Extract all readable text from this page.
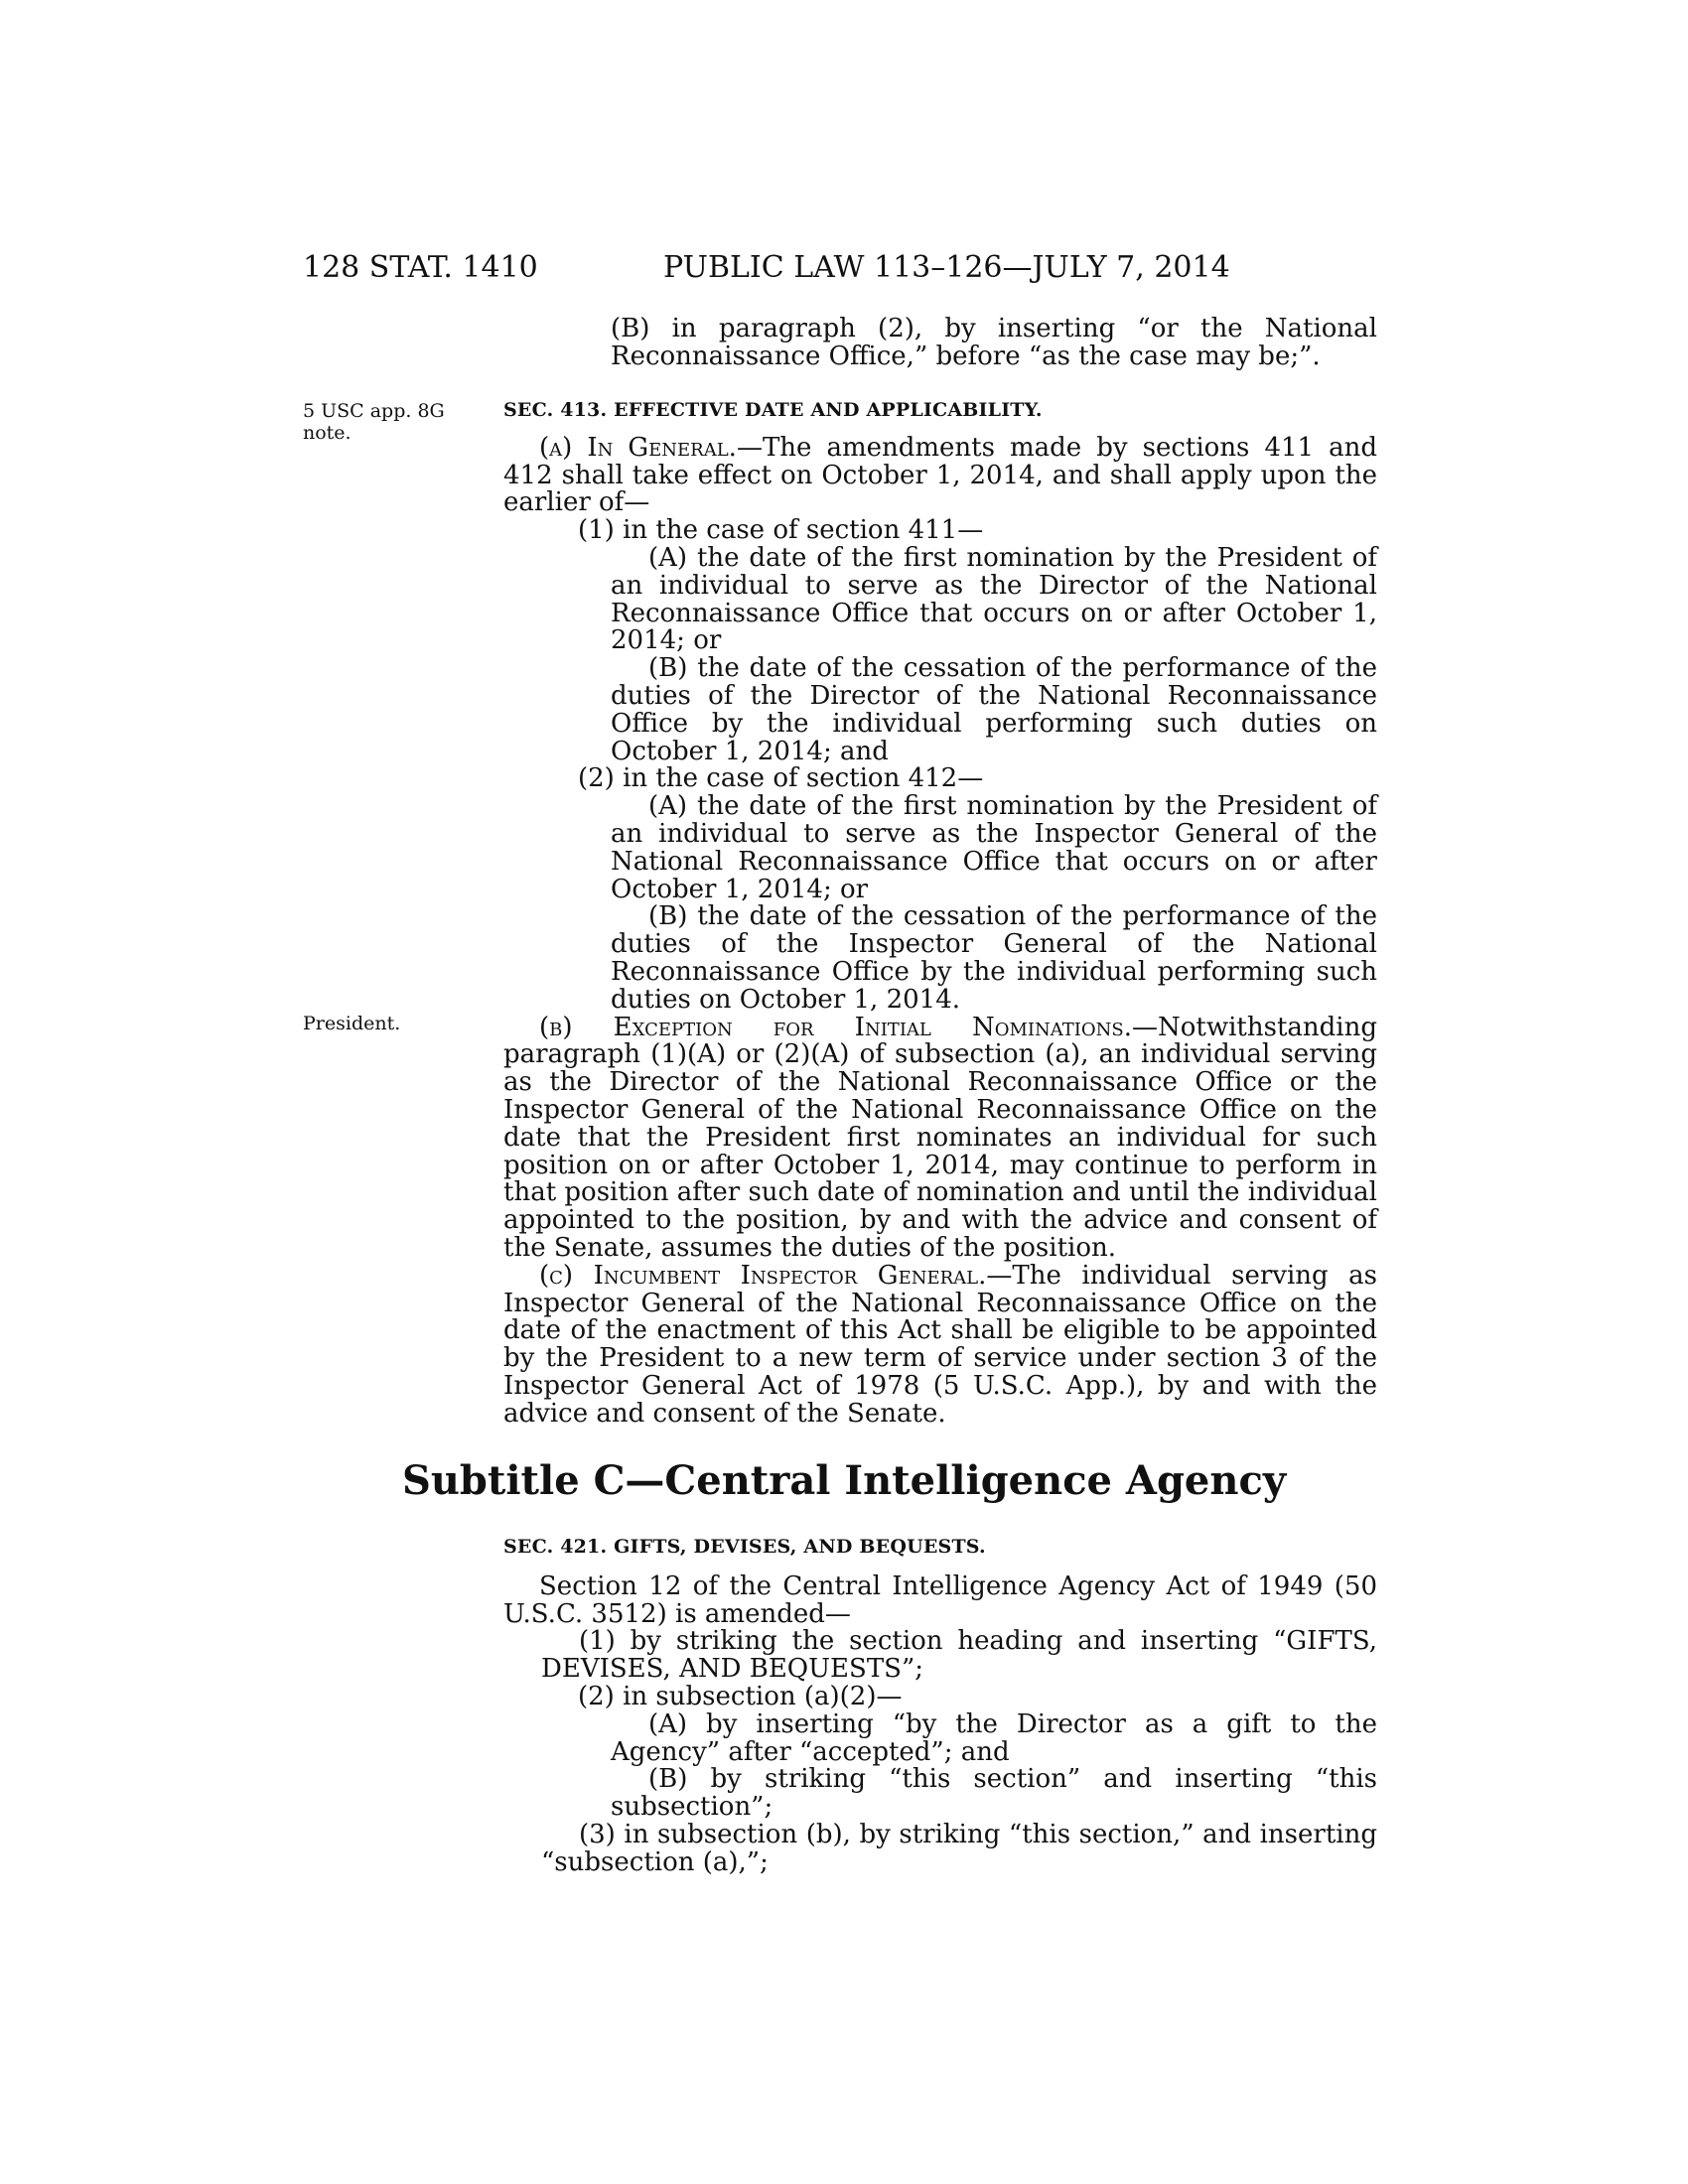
128 STAT. 1410	PUBLIC LAW 113–126—JULY 7, 2014

(B) in paragraph (2), by inserting “or the National Reconnaissance Office,” before “as the case may be;”.

5 USC app. 8G note.
SEC. 413. EFFECTIVE DATE AND APPLICABILITY.

(a) In General.—The amendments made by sections 411 and 412 shall take effect on October 1, 2014, and shall apply upon the earlier of—

(1) in the case of section 411—

(A) the date of the first nomination by the President of an individual to serve as the Director of the National Reconnaissance Office that occurs on or after October 1, 2014; or

(B) the date of the cessation of the performance of the duties of the Director of the National Reconnaissance Office by the individual performing such duties on October 1, 2014; and

(2) in the case of section 412—

(A) the date of the first nomination by the President of an individual to serve as the Inspector General of the National Reconnaissance Office that occurs on or after October 1, 2014; or

(B) the date of the cessation of the performance of the duties of the Inspector General of the National Reconnaissance Office by the individual performing such duties on October 1, 2014.

(b) Exception for Initial Nominations.—Notwithstanding paragraph (1)(A) or (2)(A) of subsection (a), an individual serving as the Director of the National Reconnaissance Office or the Inspector General of the National Reconnaissance Office on the date that the President first nominates an individual for such position on or after October 1, 2014, may continue to perform in that position after such date of nomination and until the individual appointed to the position, by and with the advice and consent of the Senate, assumes the duties of the position.

(c) Incumbent Inspector General.—The individual serving as Inspector General of the National Reconnaissance Office on the date of the enactment of this Act shall be eligible to be appointed by the President to a new term of service under section 3 of the Inspector General Act of 1978 (5 U.S.C. App.), by and with the advice and consent of the Senate.

President.
Subtitle C—Central Intelligence Agency
SEC. 421. GIFTS, DEVISES, AND BEQUESTS.

Section 12 of the Central Intelligence Agency Act of 1949 (50 U.S.C. 3512) is amended—

(1) by striking the section heading and inserting “GIFTS, DEVISES, AND BEQUESTS”;

(2) in subsection (a)(2)—

(A) by inserting “by the Director as a gift to the Agency” after “accepted”; and

(B) by striking “this section” and inserting “this subsection”;

(3) in subsection (b), by striking “this section,” and inserting “subsection (a),”;
